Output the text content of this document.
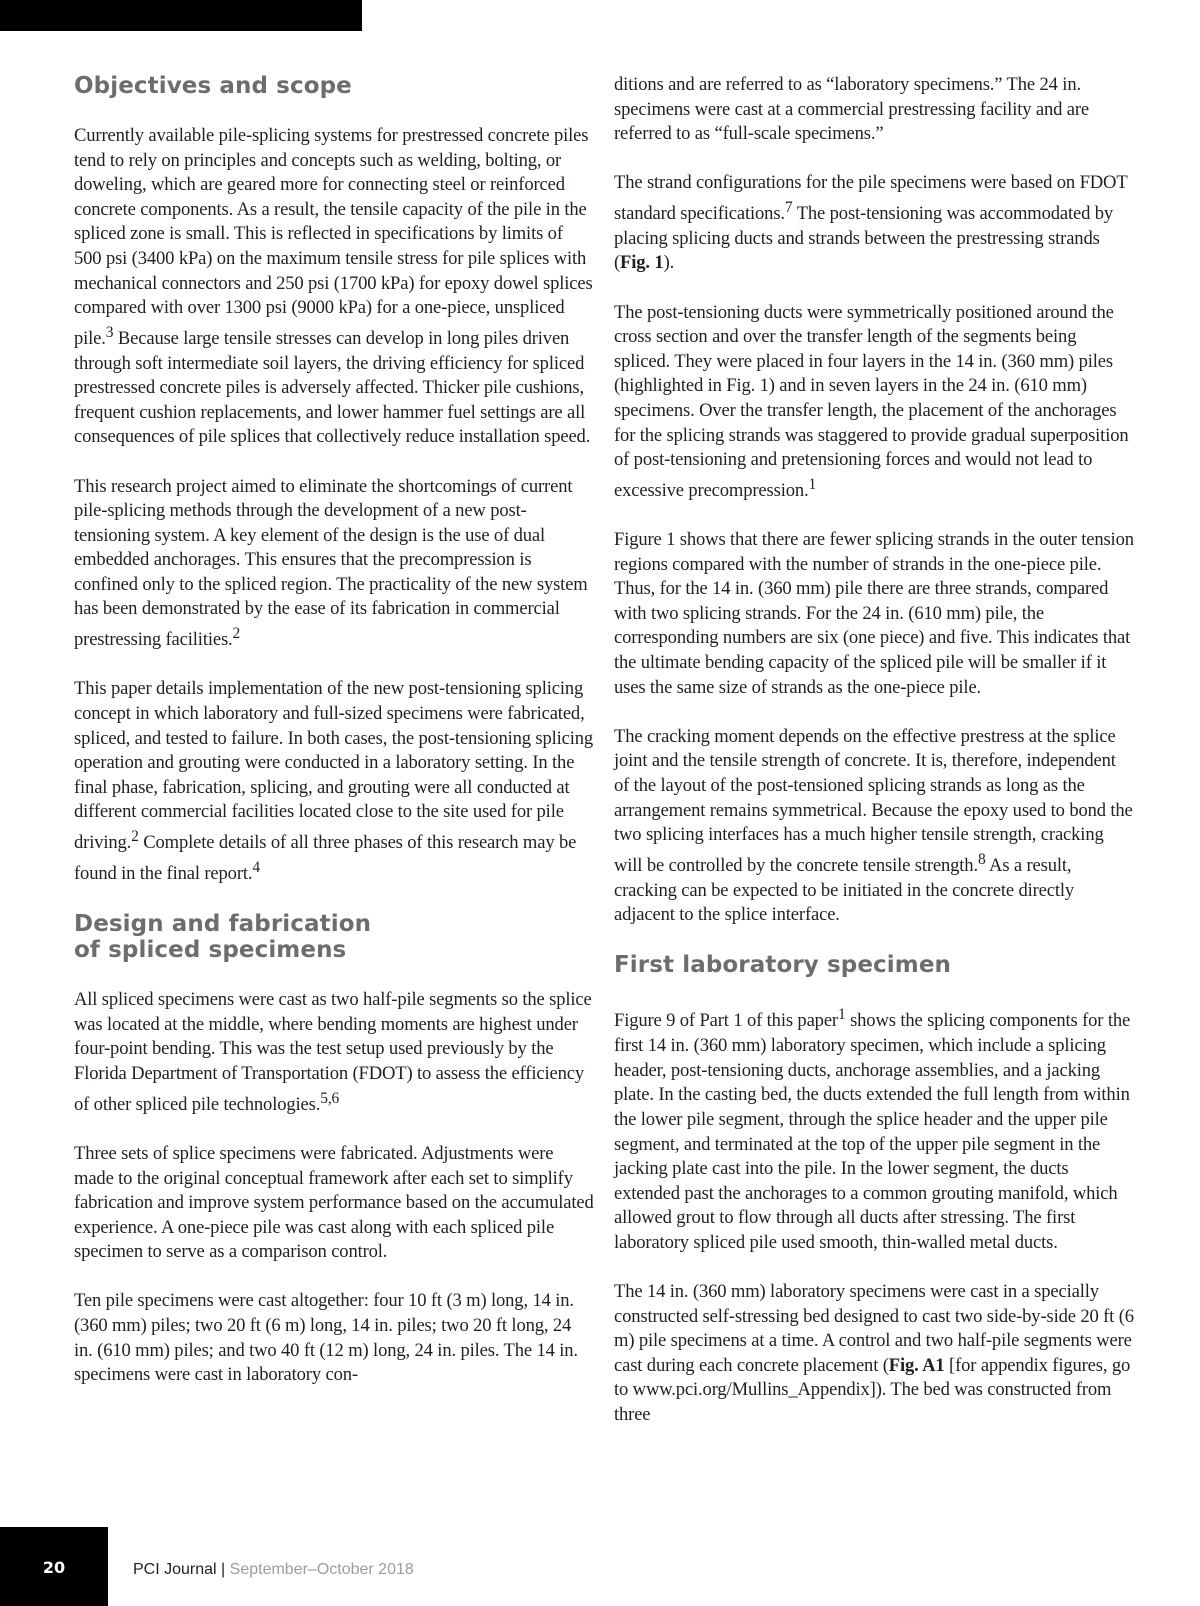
Objectives and scope

Currently available pile-splicing systems for prestressed concrete piles tend to rely on principles and concepts such as welding, bolting, or doweling, which are geared more for connecting steel or reinforced concrete components. As a result, the tensile capacity of the pile in the spliced zone is small. This is reflected in specifications by limits of 500 psi (3400 kPa) on the maximum tensile stress for pile splices with mechanical connectors and 250 psi (1700 kPa) for epoxy dowel splices compared with over 1300 psi (9000 kPa) for a one-piece, unspliced pile.$^3$ Because large tensile stresses can develop in long piles driven through soft intermediate soil layers, the driving efficiency for spliced prestressed concrete piles is adversely affected. Thicker pile cushions, frequent cushion replacements, and lower hammer fuel settings are all consequences of pile splices that collectively reduce installation speed.

This research project aimed to eliminate the shortcomings of current pile-splicing methods through the development of a new post-tensioning system. A key element of the design is the use of dual embedded anchorages. This ensures that the precompression is confined only to the spliced region. The practicality of the new system has been demonstrated by the ease of its fabrication in commercial prestressing facilities.$^2$

This paper details implementation of the new post-tensioning splicing concept in which laboratory and full-sized specimens were fabricated, spliced, and tested to failure. In both cases, the post-tensioning splicing operation and grouting were conducted in a laboratory setting. In the final phase, fabrication, splicing, and grouting were all conducted at different commercial facilities located close to the site used for pile driving.$^2$ Complete details of all three phases of this research may be found in the final report.$^4$

Design and fabrication
of spliced specimens

All spliced specimens were cast as two half-pile segments so the splice was located at the middle, where bending moments are highest under four-point bending. This was the test setup used previously by the Florida Department of Transportation (FDOT) to assess the efficiency of other spliced pile technologies.$^{5,6}$

Three sets of splice specimens were fabricated. Adjustments were made to the original conceptual framework after each set to simplify fabrication and improve system performance based on the accumulated experience. A one-piece pile was cast along with each spliced pile specimen to serve as a comparison control.

Ten pile specimens were cast altogether: four 10 ft (3 m) long, 14 in. (360 mm) piles; two 20 ft (6 m) long, 14 in. piles; two 20 ft long, 24 in. (610 mm) piles; and two 40 ft (12 m) long, 24 in. piles. The 14 in. specimens were cast in laboratory con-

ditions and are referred to as “laboratory specimens.” The 24 in. specimens were cast at a commercial prestressing facility and are referred to as “full-scale specimens.”

The strand configurations for the pile specimens were based on FDOT standard specifications.$^7$ The post-tensioning was accommodated by placing splicing ducts and strands between the prestressing strands (Fig. 1).

The post-tensioning ducts were symmetrically positioned around the cross section and over the transfer length of the segments being spliced. They were placed in four layers in the 14 in. (360 mm) piles (highlighted in Fig. 1) and in seven layers in the 24 in. (610 mm) specimens. Over the transfer length, the placement of the anchorages for the splicing strands was staggered to provide gradual superposition of post-tensioning and pretensioning forces and would not lead to excessive precompression.$^1$

Figure 1 shows that there are fewer splicing strands in the outer tension regions compared with the number of strands in the one-piece pile. Thus, for the 14 in. (360 mm) pile there are three strands, compared with two splicing strands. For the 24 in. (610 mm) pile, the corresponding numbers are six (one piece) and five. This indicates that the ultimate bending capacity of the spliced pile will be smaller if it uses the same size of strands as the one-piece pile.

The cracking moment depends on the effective prestress at the splice joint and the tensile strength of concrete. It is, therefore, independent of the layout of the post-tensioned splicing strands as long as the arrangement remains symmetrical. Because the epoxy used to bond the two splicing interfaces has a much higher tensile strength, cracking will be controlled by the concrete tensile strength.$^8$ As a result, cracking can be expected to be initiated in the concrete directly adjacent to the splice interface.

First laboratory specimen

Figure 9 of Part 1 of this paper$^1$ shows the splicing components for the first 14 in. (360 mm) laboratory specimen, which include a splicing header, post-tensioning ducts, anchorage assemblies, and a jacking plate. In the casting bed, the ducts extended the full length from within the lower pile segment, through the splice header and the upper pile segment, and terminated at the top of the upper pile segment in the jacking plate cast into the pile. In the lower segment, the ducts extended past the anchorages to a common grouting manifold, which allowed grout to flow through all ducts after stressing. The first laboratory spliced pile used smooth, thin-walled metal ducts.

The 14 in. (360 mm) laboratory specimens were cast in a specially constructed self-stressing bed designed to cast two side-by-side 20 ft (6 m) pile specimens at a time. A control and two half-pile segments were cast during each concrete placement (Fig. A1 [for appendix figures, go to www.pci.org/Mullins_Appendix]). The bed was constructed from three

20	PCI Journal | September–October 2018
